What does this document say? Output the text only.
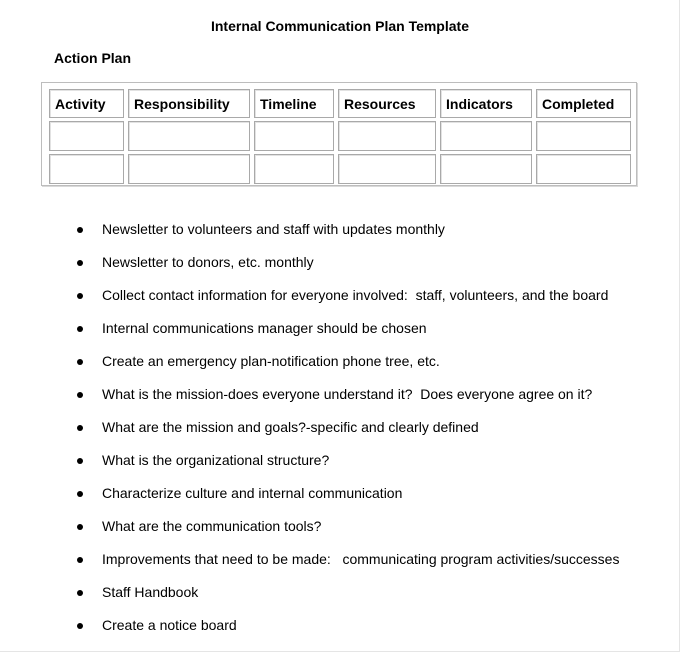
Internal Communication Plan Template
Action Plan
Activity	Responsibility	Timeline	Resources	Indicators	Completed

Newsletter to volunteers and staff with updates monthly
Newsletter to donors, etc. monthly
Collect contact information for everyone involved:  staff, volunteers, and the board
Internal communications manager should be chosen
Create an emergency plan-notification phone tree, etc.
What is the mission-does everyone understand it?  Does everyone agree on it?
What are the mission and goals?-specific and clearly defined
What is the organizational structure?
Characterize culture and internal communication
What are the communication tools?
Improvements that need to be made:   communicating program activities/successes
Staff Handbook
Create a notice board
